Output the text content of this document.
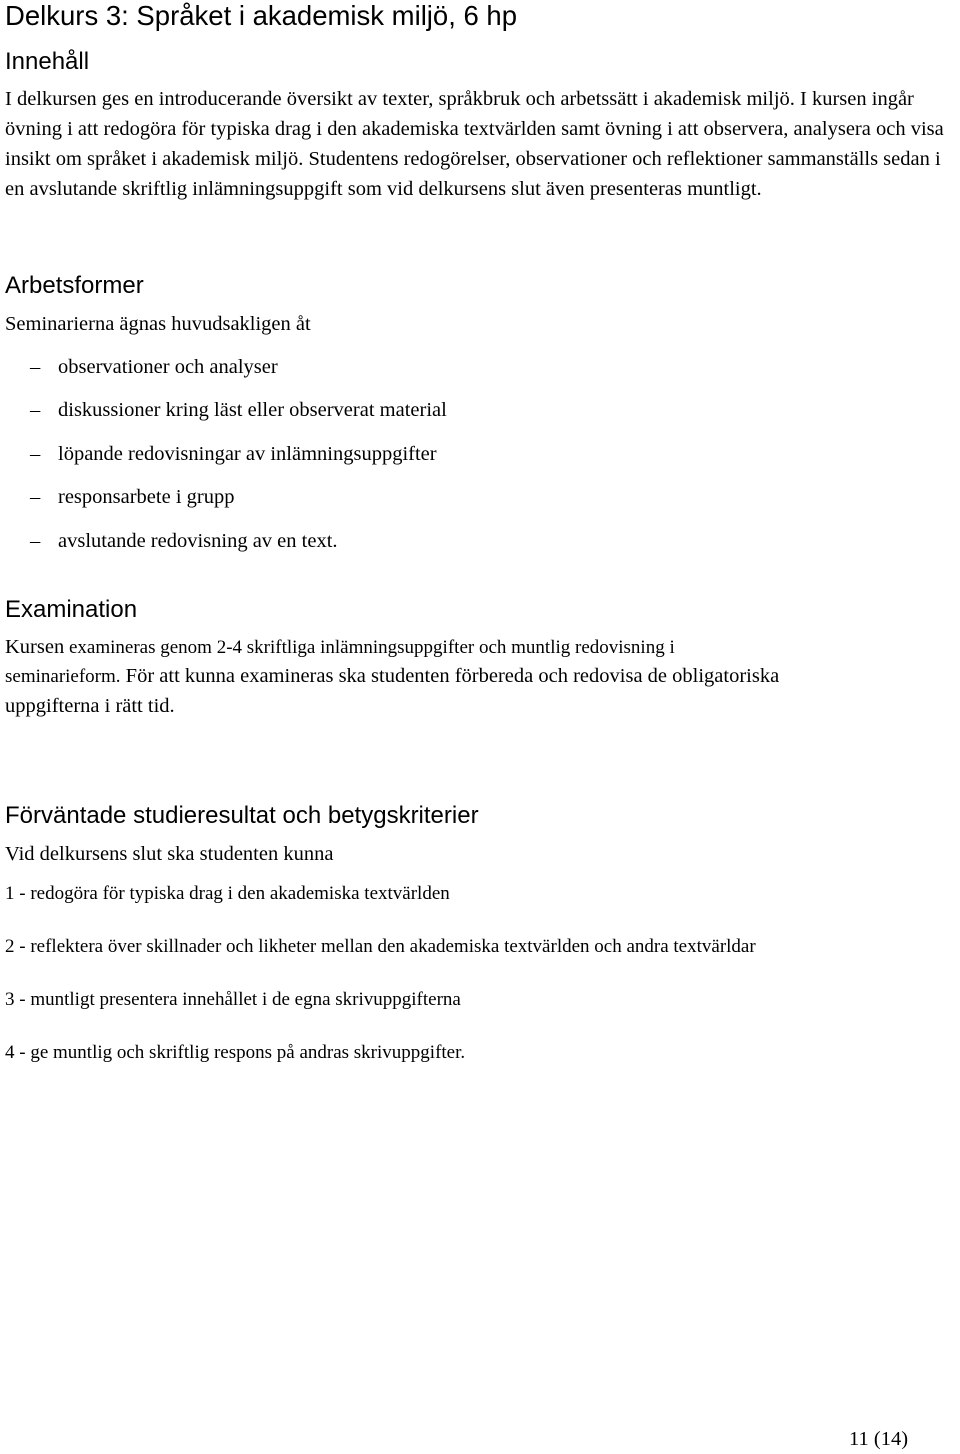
Delkurs 3: Språket i akademisk miljö, 6 hp
Innehåll

I delkursen ges en introducerande översikt av texter, språkbruk och arbetssätt i akademisk miljö. I kursen ingår övning i att redogöra för typiska drag i den akademiska textvärlden samt övning i att observera, analysera och visa insikt om språket i akademisk miljö. Studentens redogörelser, observationer och reflektioner sammanställs sedan i en avslutande skriftlig inlämningsuppgift som vid delkursens slut även presenteras muntligt.

Arbetsformer

Seminarierna ägnas huvudsakligen åt

– observationer och analyser
– diskussioner kring läst eller observerat material
– löpande redovisningar av inlämningsuppgifter
– responsarbete i grupp
– avslutande redovisning av en text.
Examination

Kursen examineras genom 2-4 skriftliga inlämningsuppgifter och muntlig redovisning i

seminarieform. För att kunna examineras ska studenten förbereda och redovisa de obligatoriska

uppgifterna i rätt tid.

Förväntade studieresultat och betygskriterier

Vid delkursens slut ska studenten kunna

1 - redogöra för typiska drag i den akademiska textvärlden

2 - reflektera över skillnader och likheter mellan den akademiska textvärlden och andra textvärldar

3 - muntligt presentera innehållet i de egna skrivuppgifterna

4 - ge muntlig och skriftlig respons på andras skrivuppgifter.

11 (14)
